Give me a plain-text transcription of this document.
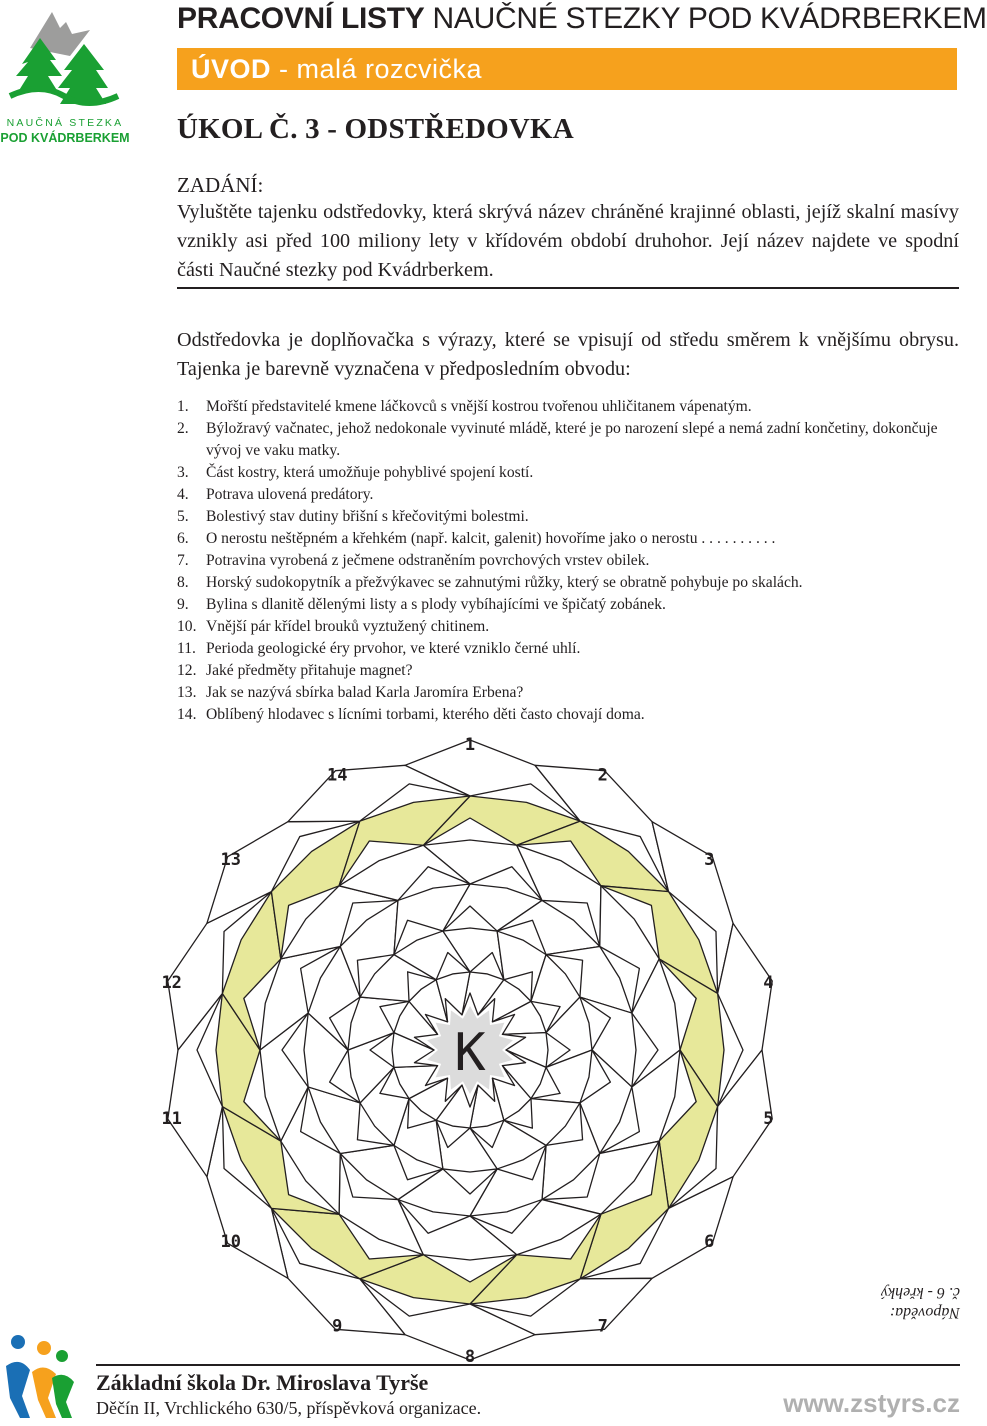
NAUČNÁ STEZKA
POD KVÁDRBERKEM
PRACOVNÍ LISTY NAUČNÉ STEZKY POD KVÁDRBERKEM
ÚVOD - malá rozcvička
ÚKOL Č. 3 - ODSTŘEDOVKA
ZADÁNÍ:
Vyluštěte tajenku odstředovky, která skrývá název chráněné krajinné oblasti, jejíž skalní masívy vznikly asi před 100 miliony lety v křídovém období druhohor. Její název najdete ve spodní části Naučné stezky pod Kvádrberkem.
Odstředovka je doplňovačka s výrazy, které se vpisují od středu směrem k vnějšímu obrysu. Tajenka je barevně vyznačena v předposledním obvodu:
1. Mořští představitelé kmene láčkovců s vnější kostrou tvořenou uhličitanem vápenatým.
2. Býložravý vačnatec, jehož nedokonale vyvinuté mládě, které je po narození slepé a nemá zadní končetiny, dokončuje vývoj ve vaku matky.
3. Část kostry, která umožňuje pohyblivé spojení kostí.
4. Potrava ulovená predátory.
5. Bolestivý stav dutiny břišní s křečovitými bolestmi.
6. O nerostu neštěpném a křehkém (např. kalcit, galenit) hovoříme jako o nerostu . . . . . . . . . .
7. Potravina vyrobená z ječmene odstraněním povrchových vrstev obilek.
8. Horský sudokopytník a přežvýkavec se zahnutými růžky, který se obratně pohybuje po skalách.
9. Bylina s dlanitě dělenými listy a s plody vybíhajícími ve špičatý zobánek.
10. Vnější pár křídel brouků vyztužený chitinem.
11. Perioda geologické éry prvohor, ve které vzniklo černé uhlí.
12. Jaké předměty přitahuje magnet?
13. Jak se nazývá sbírka balad Karla Jaromíra Erbena?
14. Oblíbený hlodavec s lícními torbami, kterého děti často chovají doma.
K
1
2
3
4
5
6
7
8
9
10
11
12
13
14
Nápověda:
č. 6 - křehký
Základní škola Dr. Miroslava Tyrše
Děčín II, Vrchlického 630/5, příspěvková organizace.	www.zstyrs.cz
